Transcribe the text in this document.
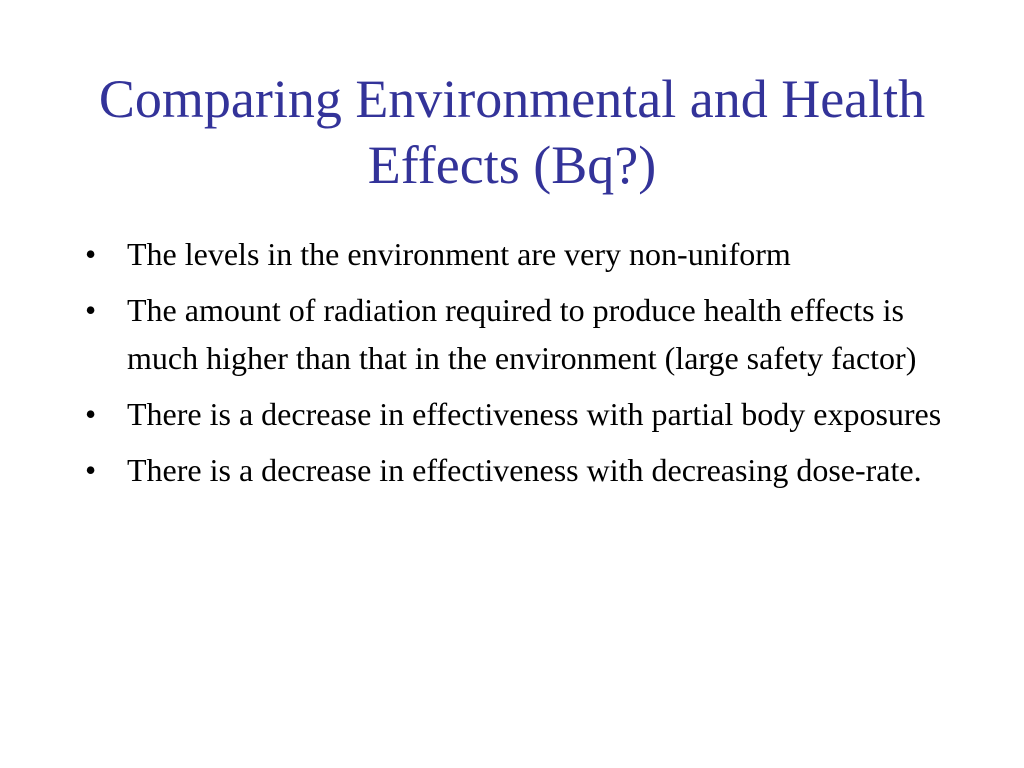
Comparing Environmental and Health Effects (Bq?)
• The levels in the environment are very non-uniform
• The amount of radiation required to produce health effects is much higher than that in the environment (large safety factor)
• There is a decrease in effectiveness with partial body exposures
• There is a decrease in effectiveness with decreasing dose-rate.
